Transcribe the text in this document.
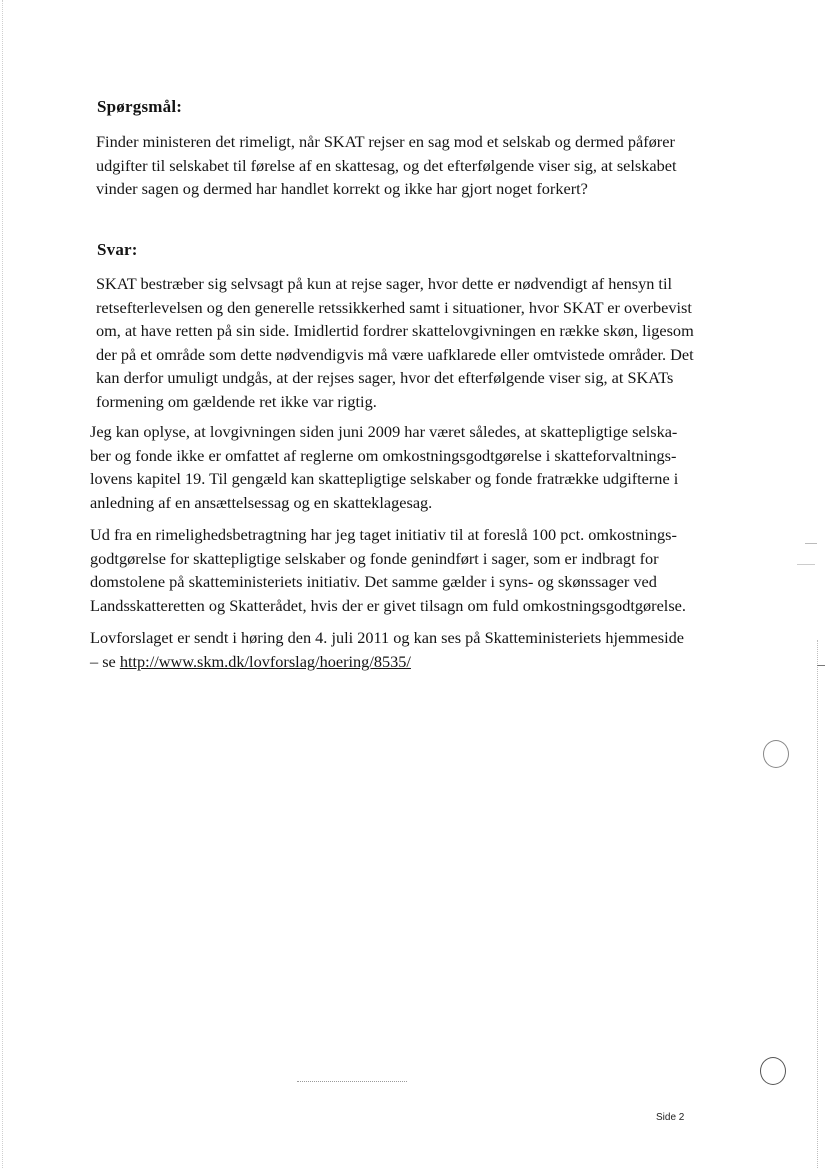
Spørgsmål:

Finder ministeren det rimeligt, når SKAT rejser en sag mod et selskab og dermed påfører
udgifter til selskabet til førelse af en skattesag, og det efterfølgende viser sig, at selskabet
vinder sagen og dermed har handlet korrekt og ikke har gjort noget forkert?

Svar:

SKAT bestræber sig selvsagt på kun at rejse sager, hvor dette er nødvendigt af hensyn til
retsefterlevelsen og den generelle retssikkerhed samt i situationer, hvor SKAT er overbevist
om, at have retten på sin side. Imidlertid fordrer skattelovgivningen en række skøn, ligesom
der på et område som dette nødvendigvis må være uafklarede eller omtvistede områder. Det
kan derfor umuligt undgås, at der rejses sager, hvor det efterfølgende viser sig, at SKATs
formening om gældende ret ikke var rigtig.

Jeg kan oplyse, at lovgivningen siden juni 2009 har været således, at skattepligtige selska-
ber og fonde ikke er omfattet af reglerne om omkostningsgodtgørelse i skatteforvaltnings-
lovens kapitel 19. Til gengæld kan skattepligtige selskaber og fonde fratrække udgifterne i
anledning af en ansættelsessag og en skatteklagesag.

Ud fra en rimelighedsbetragtning har jeg taget initiativ til at foreslå 100 pct. omkostnings-
godtgørelse for skattepligtige selskaber og fonde genindført i sager, som er indbragt for
domstolene på skatteministeriets initiativ. Det samme gælder i syns- og skønssager ved
Landsskatteretten og Skatterådet, hvis der er givet tilsagn om fuld omkostningsgodtgørelse.

Lovforslaget er sendt i høring den 4. juli 2011 og kan ses på Skatteministeriets hjemmeside
– se http://www.skm.dk/lovforslag/hoering/8535/

Side 2
